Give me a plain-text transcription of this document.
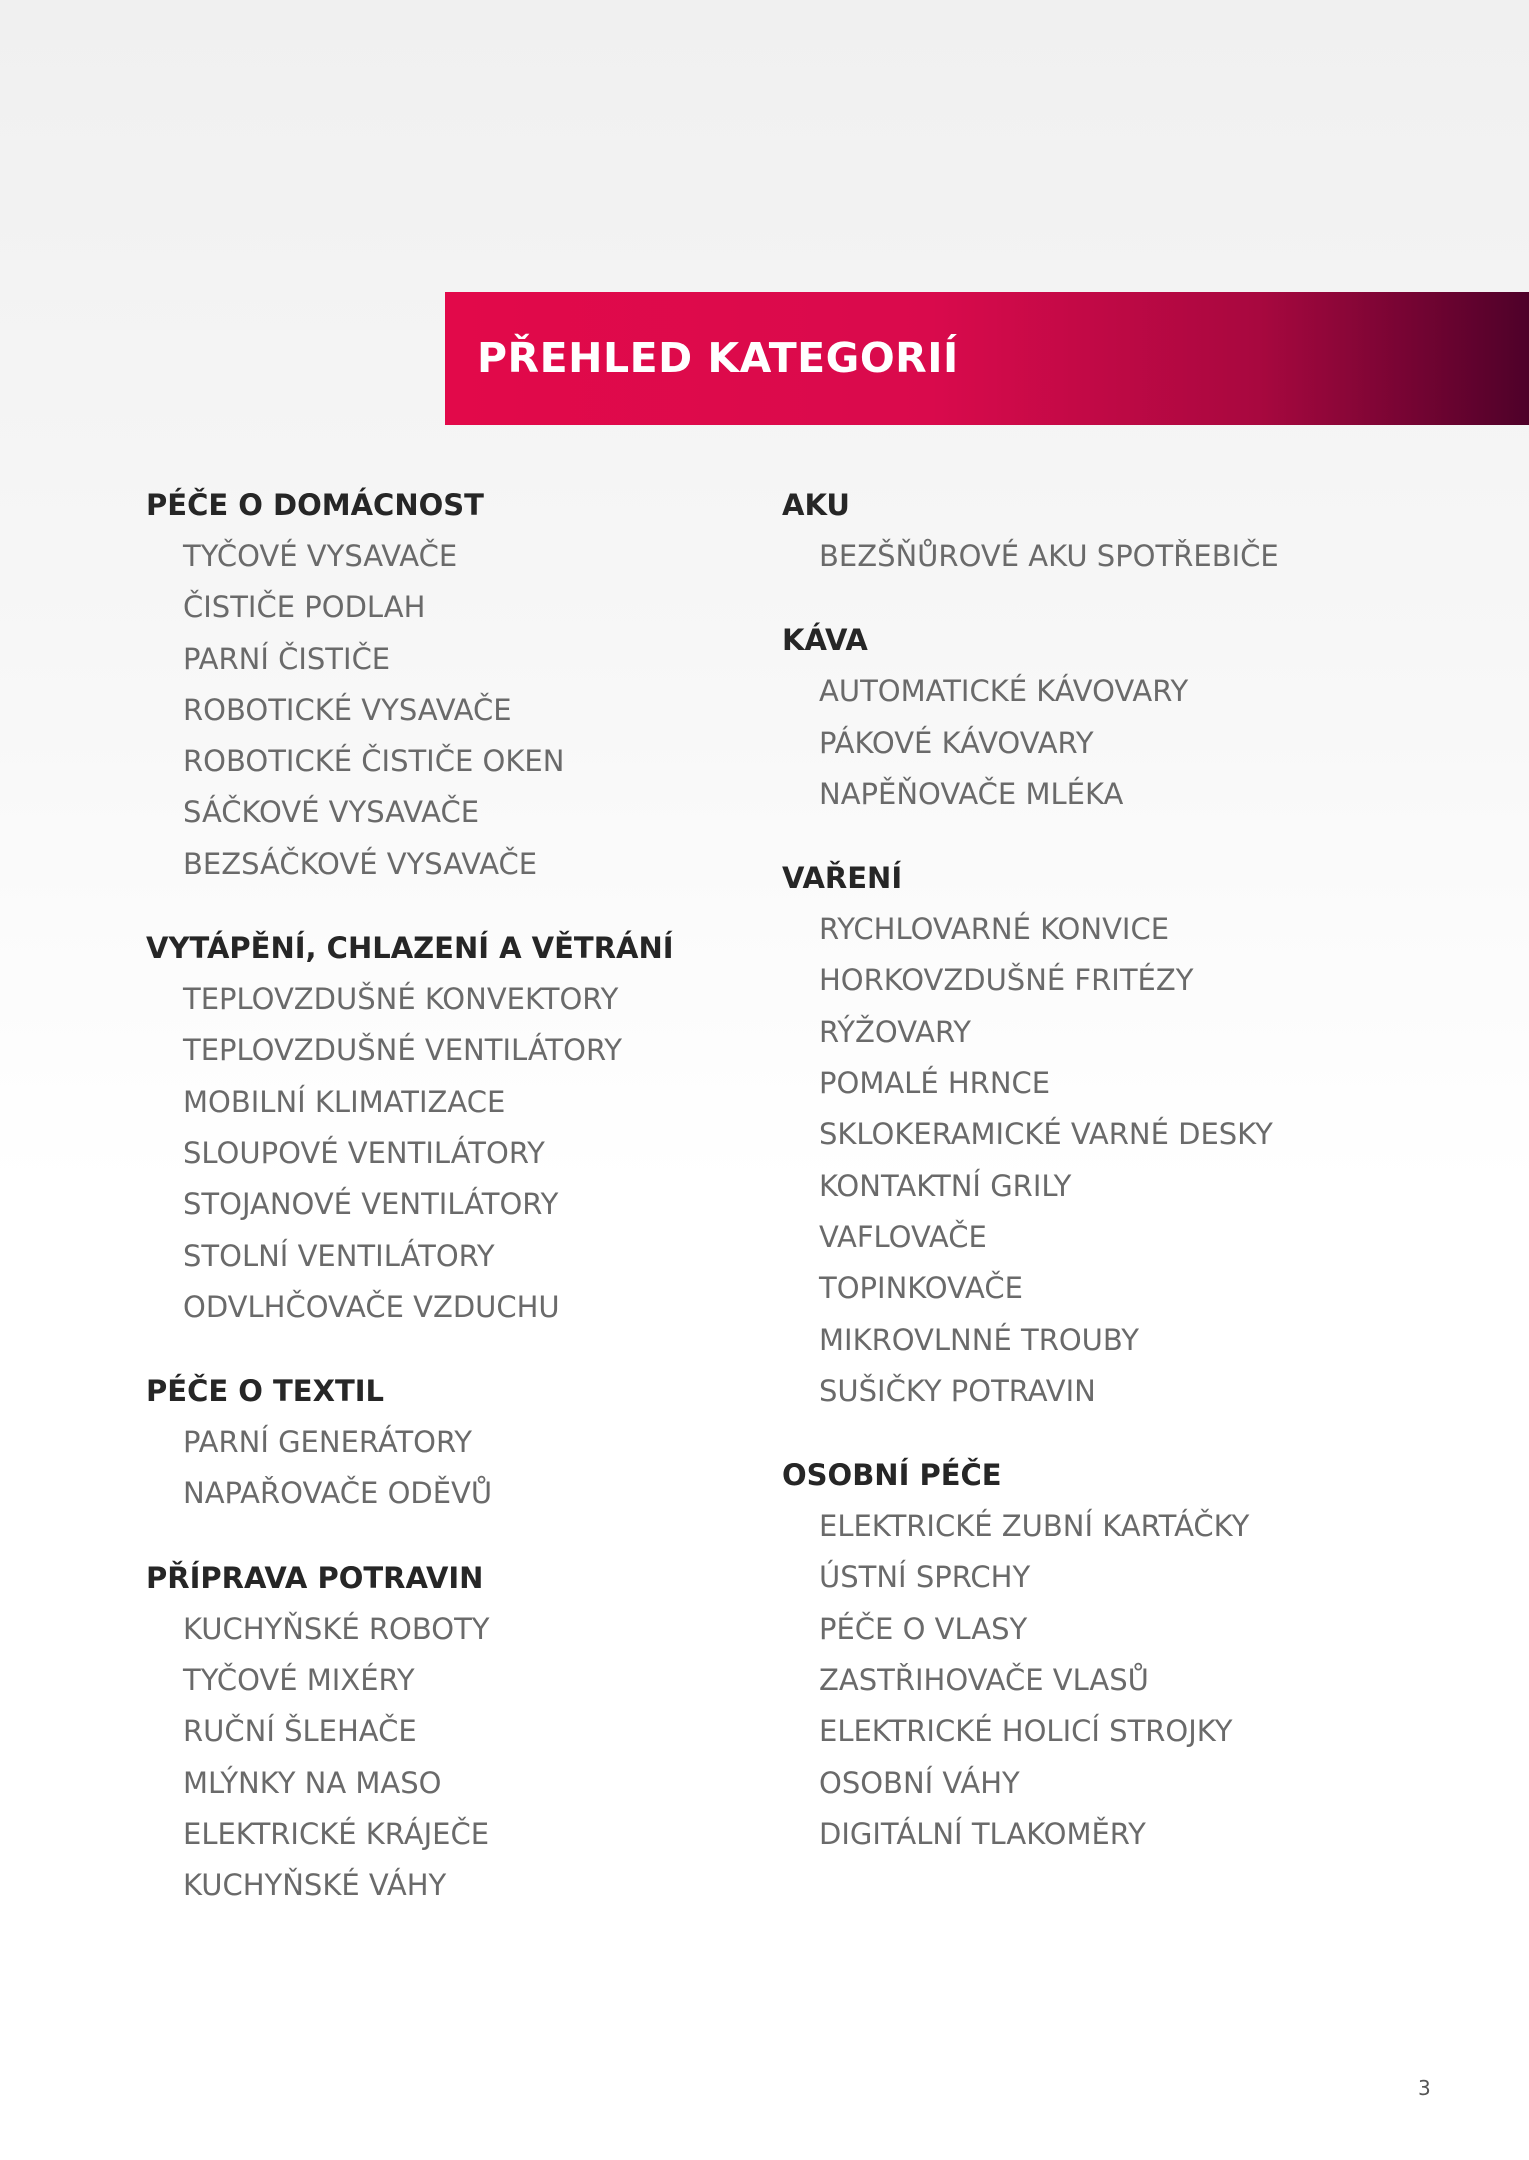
PŘEHLED KATEGORIÍ
PÉČE O DOMÁCNOST
TYČOVÉ VYSAVAČE
ČISTIČE PODLAH
PARNÍ ČISTIČE
ROBOTICKÉ VYSAVAČE
ROBOTICKÉ ČISTIČE OKEN
SÁČKOVÉ VYSAVAČE
BEZSÁČKOVÉ VYSAVAČE
VYTÁPĚNÍ, CHLAZENÍ A VĚTRÁNÍ
TEPLOVZDUŠNÉ KONVEKTORY
TEPLOVZDUŠNÉ VENTILÁTORY
MOBILNÍ KLIMATIZACE
SLOUPOVÉ VENTILÁTORY
STOJANOVÉ VENTILÁTORY
STOLNÍ VENTILÁTORY
ODVLHČOVAČE VZDUCHU
PÉČE O TEXTIL
PARNÍ GENERÁTORY
NAPAŘOVAČE ODĚVŮ
PŘÍPRAVA POTRAVIN
KUCHYŇSKÉ ROBOTY
TYČOVÉ MIXÉRY
RUČNÍ ŠLEHAČE
MLÝNKY NA MASO
ELEKTRICKÉ KRÁJEČE
KUCHYŇSKÉ VÁHY
AKU
BEZŠŇŮROVÉ AKU SPOTŘEBIČE
KÁVA
AUTOMATICKÉ KÁVOVARY
PÁKOVÉ KÁVOVARY
NAPĚŇOVAČE MLÉKA
VAŘENÍ
RYCHLOVARNÉ KONVICE
HORKOVZDUŠNÉ FRITÉZY
RÝŽOVARY
POMALÉ HRNCE
SKLOKERAMICKÉ VARNÉ DESKY
KONTAKTNÍ GRILY
VAFLOVAČE
TOPINKOVAČE
MIKROVLNNÉ TROUBY
SUŠIČKY POTRAVIN
OSOBNÍ PÉČE
ELEKTRICKÉ ZUBNÍ KARTÁČKY
ÚSTNÍ SPRCHY
PÉČE O VLASY
ZASTŘIHOVAČE VLASŮ
ELEKTRICKÉ HOLICÍ STROJKY
OSOBNÍ VÁHY
DIGITÁLNÍ TLAKOMĚRY
3
